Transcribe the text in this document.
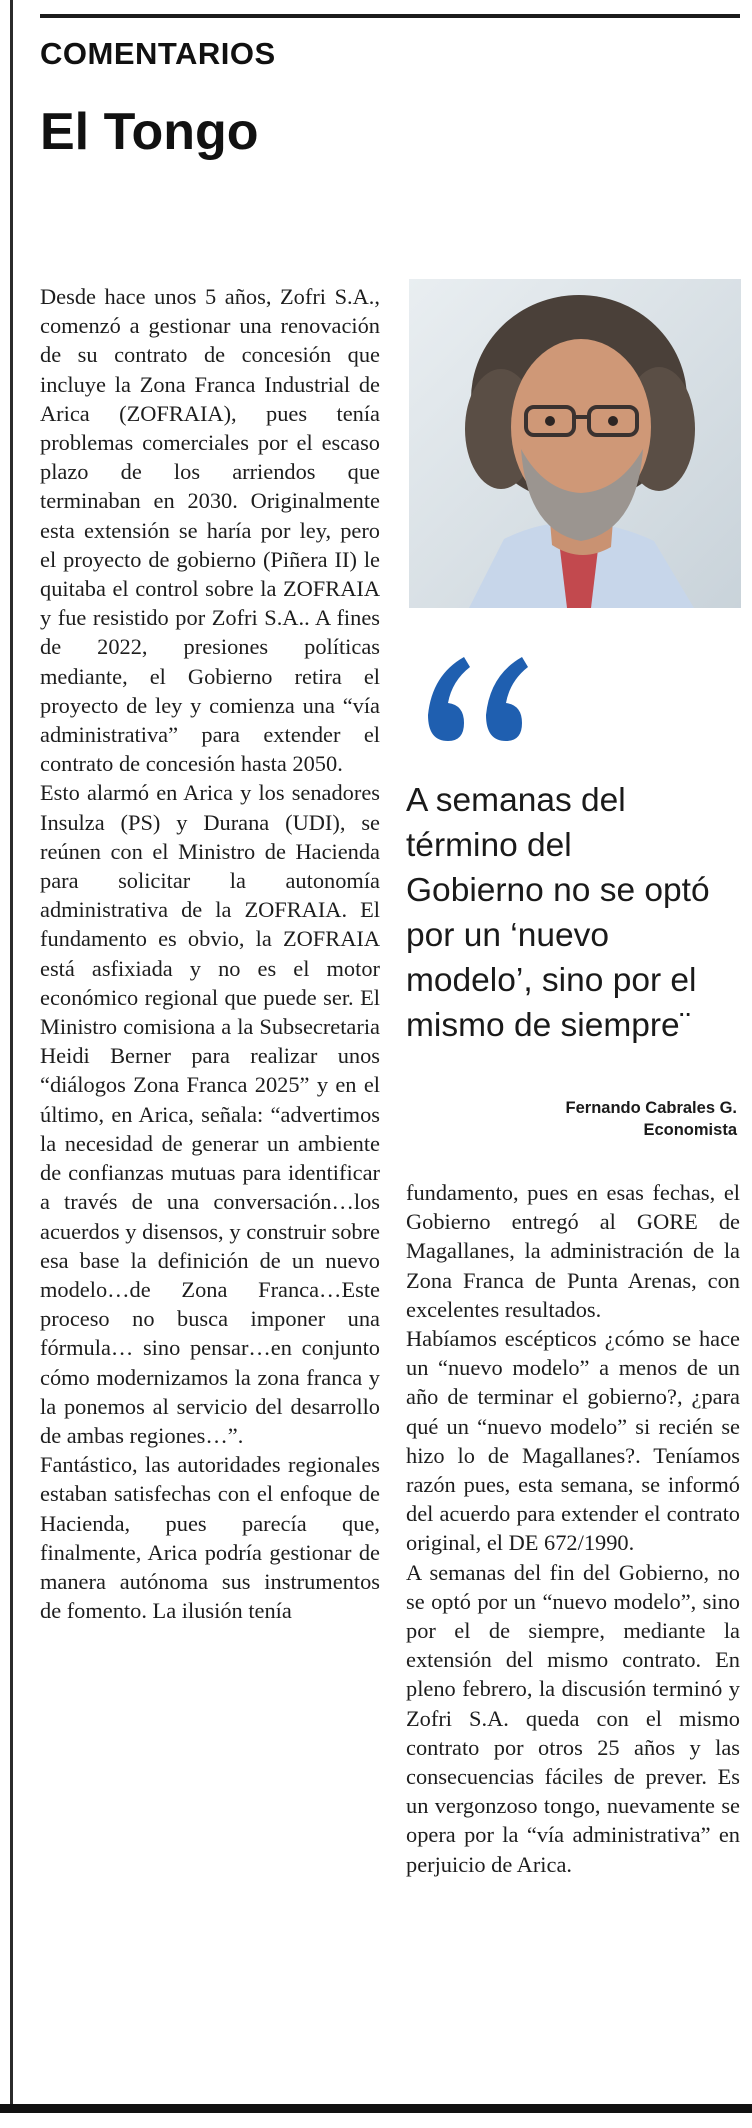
COMENTARIOS
El Tongo

Desde hace unos 5 años, Zofri S.A., comenzó a gestionar una renovación de su contrato de concesión que incluye la Zona Franca Industrial de Arica (ZOFRAIA), pues tenía problemas comerciales por el escaso plazo de los arriendos que terminaban en 2030. Originalmente esta extensión se haría por ley, pero el proyecto de gobierno (Piñera II) le quitaba el control sobre la ZOFRAIA y fue resistido por Zofri S.A.. A fines de 2022, presiones políticas mediante, el Gobierno retira el proyecto de ley y comienza una “vía administrativa” para extender el contrato de concesión hasta 2050.

Esto alarmó en Arica y los senadores Insulza (PS) y Durana (UDI), se reúnen con el Ministro de Hacienda para solicitar la autonomía administrativa de la ZOFRAIA. El fundamento es obvio, la ZOFRAIA está asfixiada y no es el motor económico regional que puede ser. El Ministro comisiona a la Subsecretaria Heidi Berner para realizar unos “diálogos Zona Franca 2025” y en el último, en Arica, señala: “advertimos la necesidad de generar un ambiente de confianzas mutuas para identificar a través de una conversación…los acuerdos y disensos, y construir sobre esa base la definición de un nuevo modelo…de Zona Franca…Este proceso no busca imponer una fórmula… sino pensar…en conjunto cómo modernizamos la zona franca y la ponemos al servicio del desarrollo de ambas regiones…”.

Fantástico, las autoridades regionales estaban satisfechas con el enfoque de Hacienda, pues parecía que, finalmente, Arica podría gestionar de manera autónoma sus instrumentos de fomento. La ilusión tenía

A semanas del

término del

Gobierno no se optó

por un ‘nuevo

modelo’, sino por el

mismo de siempre¨

Fernando Cabrales G.
Economista

fundamento, pues en esas fechas, el Gobierno entregó al GORE de Magallanes, la administración de la Zona Franca de Punta Arenas, con excelentes resultados.

Habíamos escépticos ¿cómo se hace un “nuevo modelo” a menos de un año de terminar el gobierno?, ¿para qué un “nuevo modelo” si recién se hizo lo de Magallanes?. Teníamos razón pues, esta semana, se informó del acuerdo para extender el contrato original, el DE 672/1990.

A semanas del fin del Gobierno, no se optó por un “nuevo modelo”, sino por el de siempre, mediante la extensión del mismo contrato. En pleno febrero, la discusión terminó y Zofri S.A. queda con el mismo contrato por otros 25 años y las consecuencias fáciles de prever. Es un vergonzoso tongo, nuevamente se opera por la “vía administrativa” en perjuicio de Arica.
